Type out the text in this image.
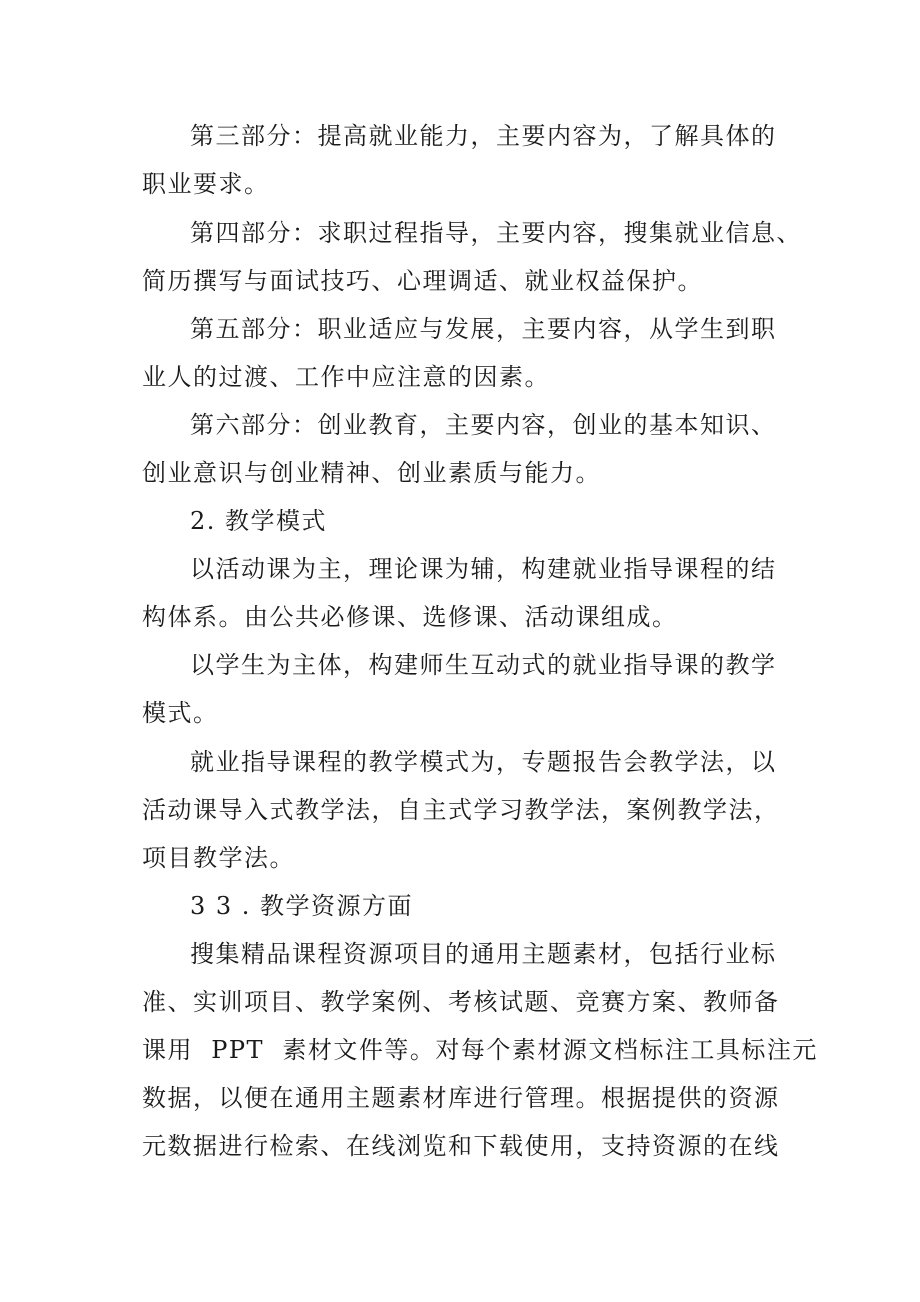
第三部分：提高就业能力，主要内容为，了解具体的
职业要求。
第四部分：求职过程指导，主要内容，搜集就业信息、
简历撰写与面试技巧、心理调适、就业权益保护。
第五部分：职业适应与发展，主要内容，从学生到职
业人的过渡、工作中应注意的因素。
第六部分：创业教育，主要内容，创业的基本知识、
创业意识与创业精神、创业素质与能力。
2. 教学模式
以活动课为主，理论课为辅，构建就业指导课程的结
构体系。由公共必修课、选修课、活动课组成。
以学生为主体，构建师生互动式的就业指导课的教学
模式。
就业指导课程的教学模式为，专题报告会教学法，以
活动课导入式教学法，自主式学习教学法，案例教学法，
项目教学法。
3 3 . 教学资源方面
搜集精品课程资源项目的通用主题素材，包括行业标
准、实训项目、教学案例、考核试题、竞赛方案、教师备
课用  PPT  素材文件等。对每个素材源文档标注工具标注元
数据，以便在通用主题素材库进行管理。根据提供的资源
元数据进行检索、在线浏览和下载使用，支持资源的在线
